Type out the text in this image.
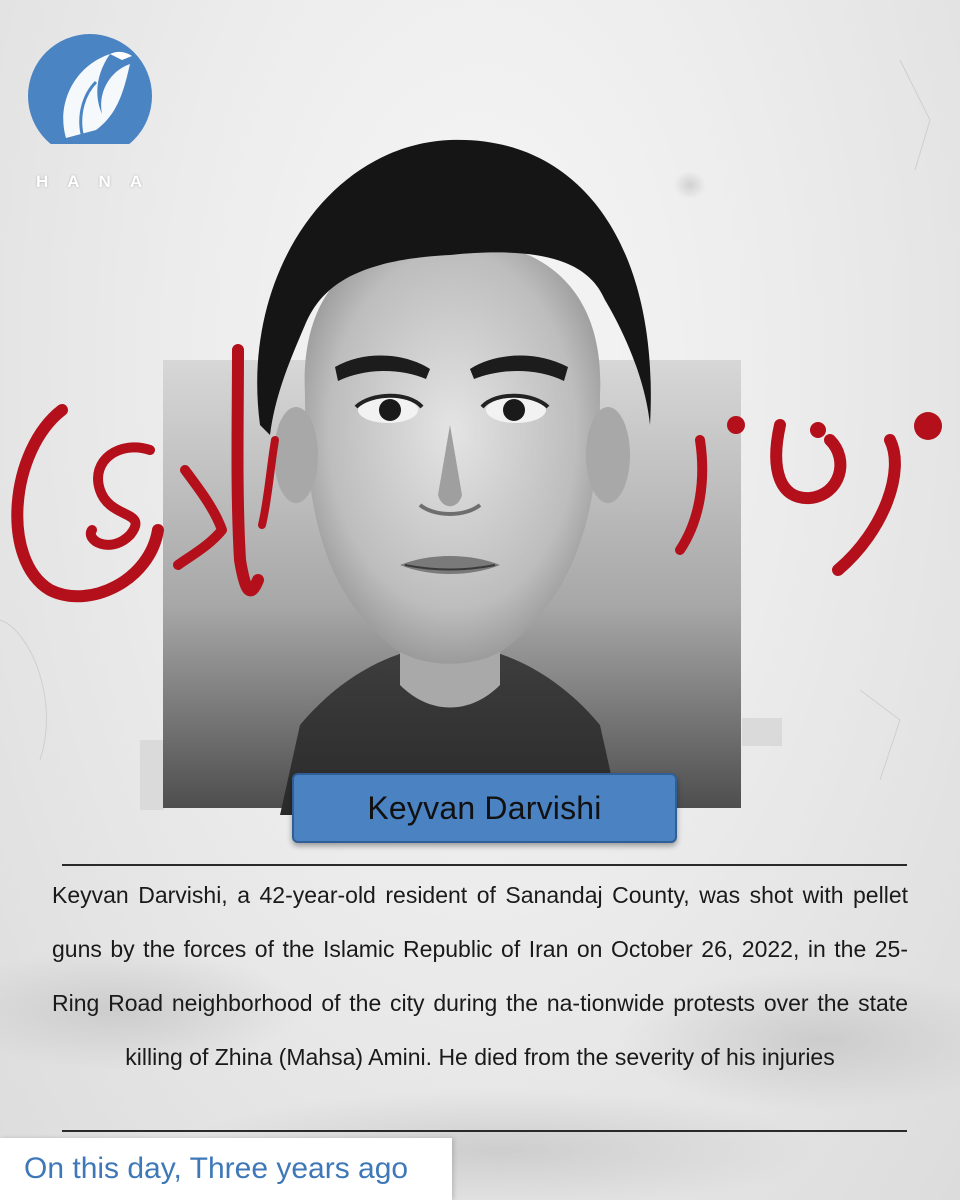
HANA
Keyvan Darvishi
Keyvan Darvishi, a 42-year-old resident of Sanandaj County, was shot with pellet guns by the forces of the Islamic Republic of Iran on October 26, 2022, in the 25-Ring Road neighborhood of the city during the na-tionwide protests over the state killing of Zhina (Mahsa) Amini. He died from the severity of his injuries
On this day, Three years ago
